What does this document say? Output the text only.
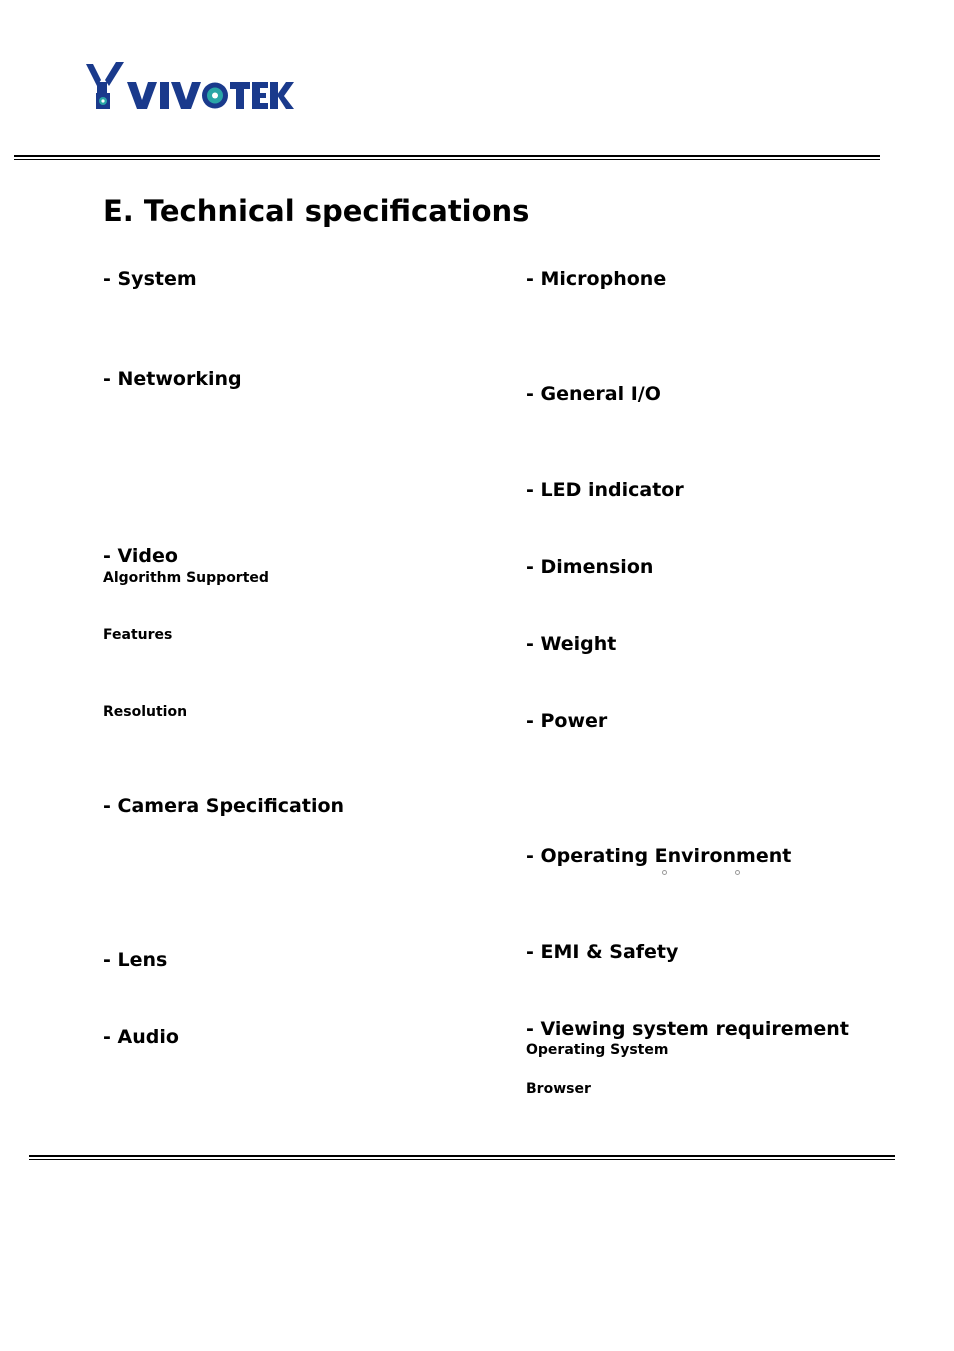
E. Technical specifications
- System
- Networking
- Video
Algorithm Supported
Features
Resolution
- Camera Specification
- Lens
- Audio
- Microphone
- General I/O
- LED indicator
- Dimension
- Weight
- Power
- Operating Environment
- EMI & Safety
- Viewing system requirement
Operating System
Browser
